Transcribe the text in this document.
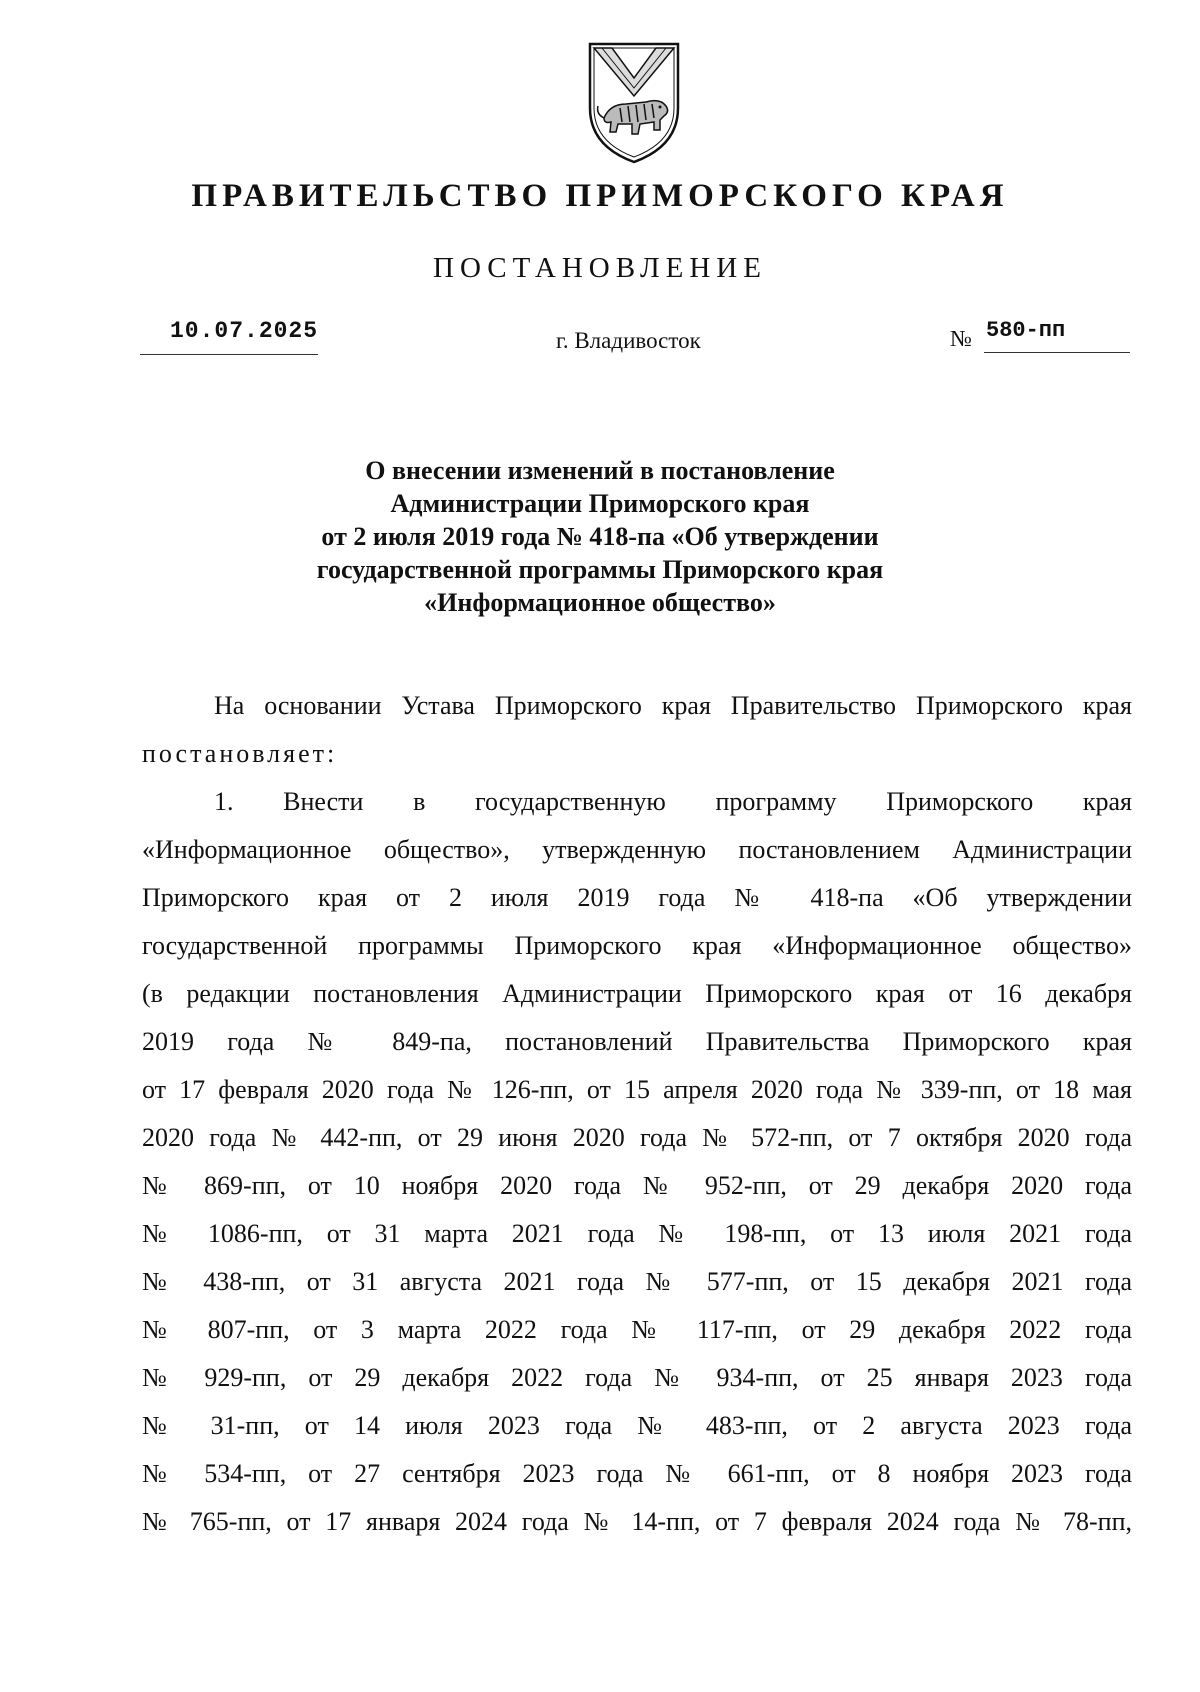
ПРАВИТЕЛЬСТВО ПРИМОРСКОГО КРАЯ
ПОСТАНОВЛЕНИЕ
10.07.2025	г. Владивосток	№ 580-пп
О внесении изменений в постановление
Администрации Приморского края
от 2 июля 2019 года № 418-па «Об утверждении
государственной программы Приморского края
«Информационное общество»
На основании Устава Приморского края Правительство Приморского края
постановляет:
1. Внести в государственную программу Приморского края
«Информационное общество», утвержденную постановлением Администрации
Приморского края от 2 июля 2019 года № 418-па «Об утверждении
государственной программы Приморского края «Информационное общество»
(в редакции постановления Администрации Приморского края от 16 декабря
2019 года № 849-па, постановлений Правительства Приморского края
от 17 февраля 2020 года № 126-пп, от 15 апреля 2020 года № 339-пп, от 18 мая
2020 года № 442-пп, от 29 июня 2020 года № 572-пп, от 7 октября 2020 года
№ 869-пп, от 10 ноября 2020 года № 952-пп, от 29 декабря 2020 года
№ 1086-пп, от 31 марта 2021 года № 198-пп, от 13 июля 2021 года
№ 438-пп, от 31 августа 2021 года № 577-пп, от 15 декабря 2021 года
№ 807-пп, от 3 марта 2022 года № 117-пп, от 29 декабря 2022 года
№ 929-пп, от 29 декабря 2022 года № 934-пп, от 25 января 2023 года
№ 31-пп, от 14 июля 2023 года № 483-пп, от 2 августа 2023 года
№ 534-пп, от 27 сентября 2023 года № 661-пп, от 8 ноября 2023 года
№ 765-пп, от 17 января 2024 года № 14-пп, от 7 февраля 2024 года № 78-пп,
